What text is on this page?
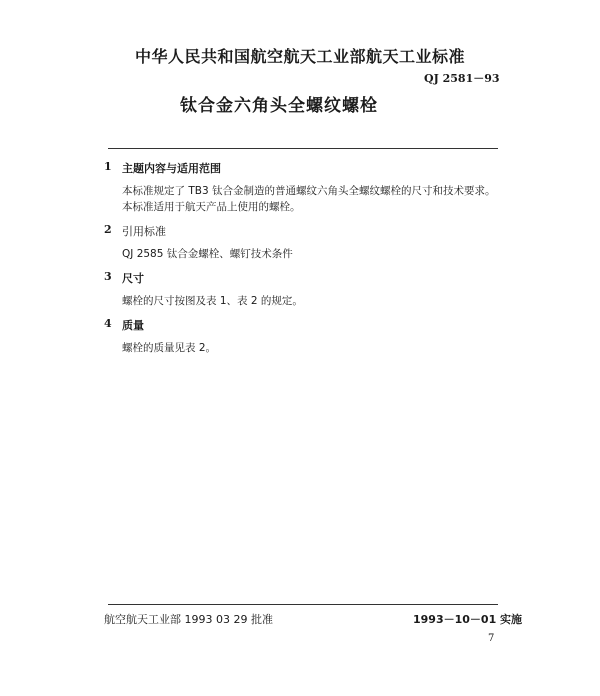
中华人民共和国航空航天工业部航天工业标准
QJ 2581－93
钛合金六角头全螺纹螺栓
1 主题内容与适用范围
本标准规定了 TB3 钛合金制造的普通螺纹六角头全螺纹螺栓的尺寸和技术要求。
本标准适用于航天产品上使用的螺栓。
2 引用标准
QJ 2585 钛合金螺栓、螺钉技术条件
3 尺寸
螺栓的尺寸按图及表 1、表 2 的规定。
4 质量
螺栓的质量见表 2。
航空航天工业部 1993 03 29 批准	1993－10－01 实施
7
